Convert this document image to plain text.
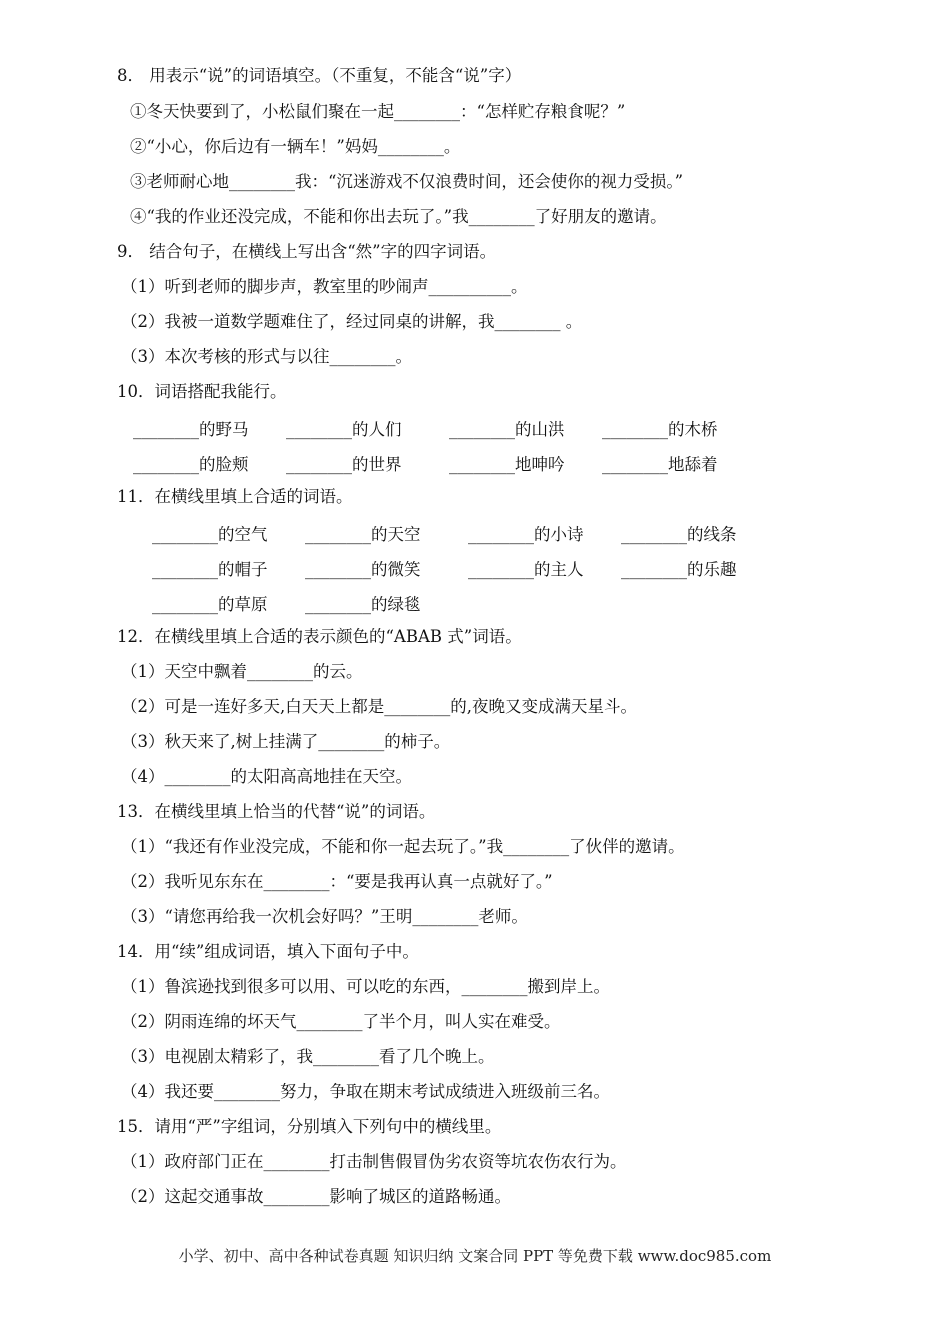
8． 用表示“说”的词语填空。（不重复，不能含“说”字）
①冬天快要到了，小松鼠们聚在一起________：“怎样贮存粮食呢？”
②“小心，你后边有一辆车！”妈妈________。
③老师耐心地________我：“沉迷游戏不仅浪费时间，还会使你的视力受损。”
④“我的作业还没完成，不能和你出去玩了。”我________了好朋友的邀请。
9． 结合句子，在横线上写出含“然”字的四字词语。
（1）听到老师的脚步声，教室里的吵闹声__________。
（2）我被一道数学题难住了，经过同桌的讲解，我________ 。
（3）本次考核的形式与以往________。
10．词语搭配我能行。
________的野马 ________的人们	________的山洪 ________的木桥
________的脸颊 ________的世界	________地呻吟 ________地舔着
11．在横线里填上合适的词语。
________的空气 ________的天空	________的小诗 ________的线条
________的帽子 ________的微笑	________的主人 ________的乐趣
________的草原 ________的绿毯
12．在横线里填上合适的表示颜色的“ABAB 式”词语。
（1）天空中飘着________的云。
（2）可是一连好多天,白天天上都是________的,夜晚又变成满天星斗。
（3）秋天来了,树上挂满了________的柿子。
（4）________的太阳高高地挂在天空。
13．在横线里填上恰当的代替“说”的词语。
（1）“我还有作业没完成，不能和你一起去玩了。”我________了伙伴的邀请。
（2）我听见东东在________：“要是我再认真一点就好了。”
（3）“请您再给我一次机会好吗？”王明________老师。
14．用“续”组成词语，填入下面句子中。
（1）鲁滨逊找到很多可以用、可以吃的东西，________搬到岸上。
（2）阴雨连绵的坏天气________了半个月，叫人实在难受。
（3）电视剧太精彩了，我________看了几个晚上。
（4）我还要________努力，争取在期末考试成绩进入班级前三名。
15．请用“严”字组词，分别填入下列句中的横线里。
（1）政府部门正在________打击制售假冒伪劣农资等坑农伤农行为。
（2）这起交通事故________影响了城区的道路畅通。
小学、初中、高中各种试卷真题 知识归纳 文案合同 PPT 等免费下载 www.doc985.com
